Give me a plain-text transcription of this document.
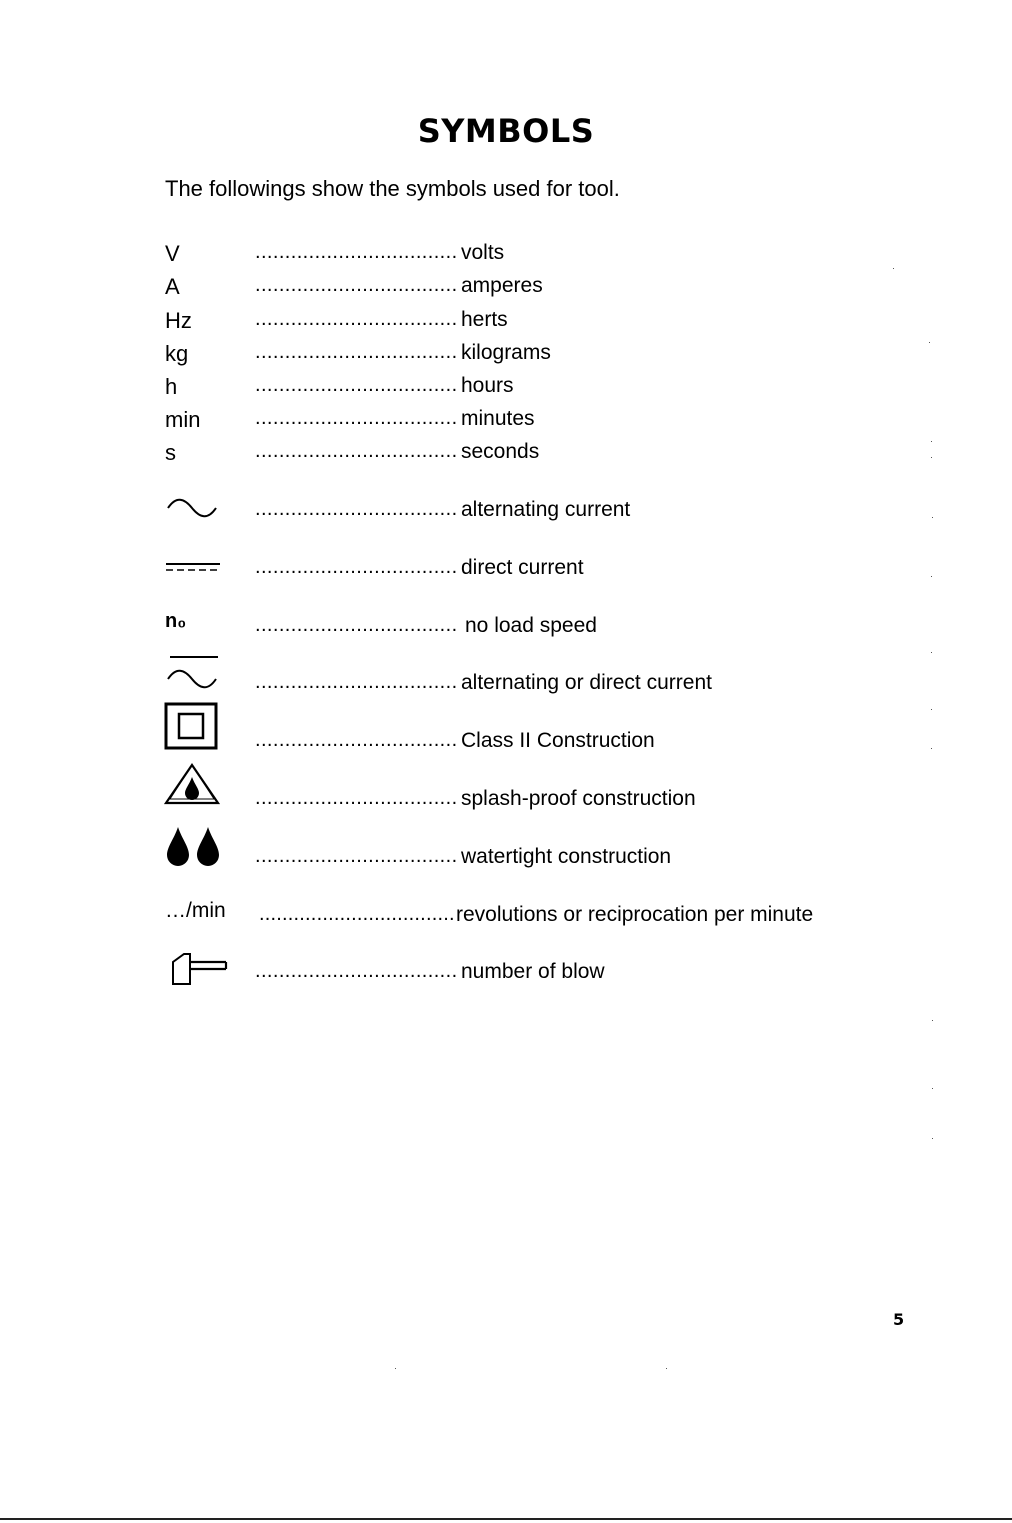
SYMBOLS
The followings show the symbols used for tool.
V	.................................. volts
A	.................................. amperes
Hz	.................................. herts
kg	.................................. kilograms
h	.................................. hours
min	.................................. minutes
s	.................................. seconds
.................................. alternating current
.................................. direct current
n₀	.................................. no load speed
.................................. alternating or direct current
.................................. Class II Construction
.................................. splash-proof construction
.................................. watertight construction
…/min .................................. revolutions or reciprocation per minute
.................................. number of blow
5
